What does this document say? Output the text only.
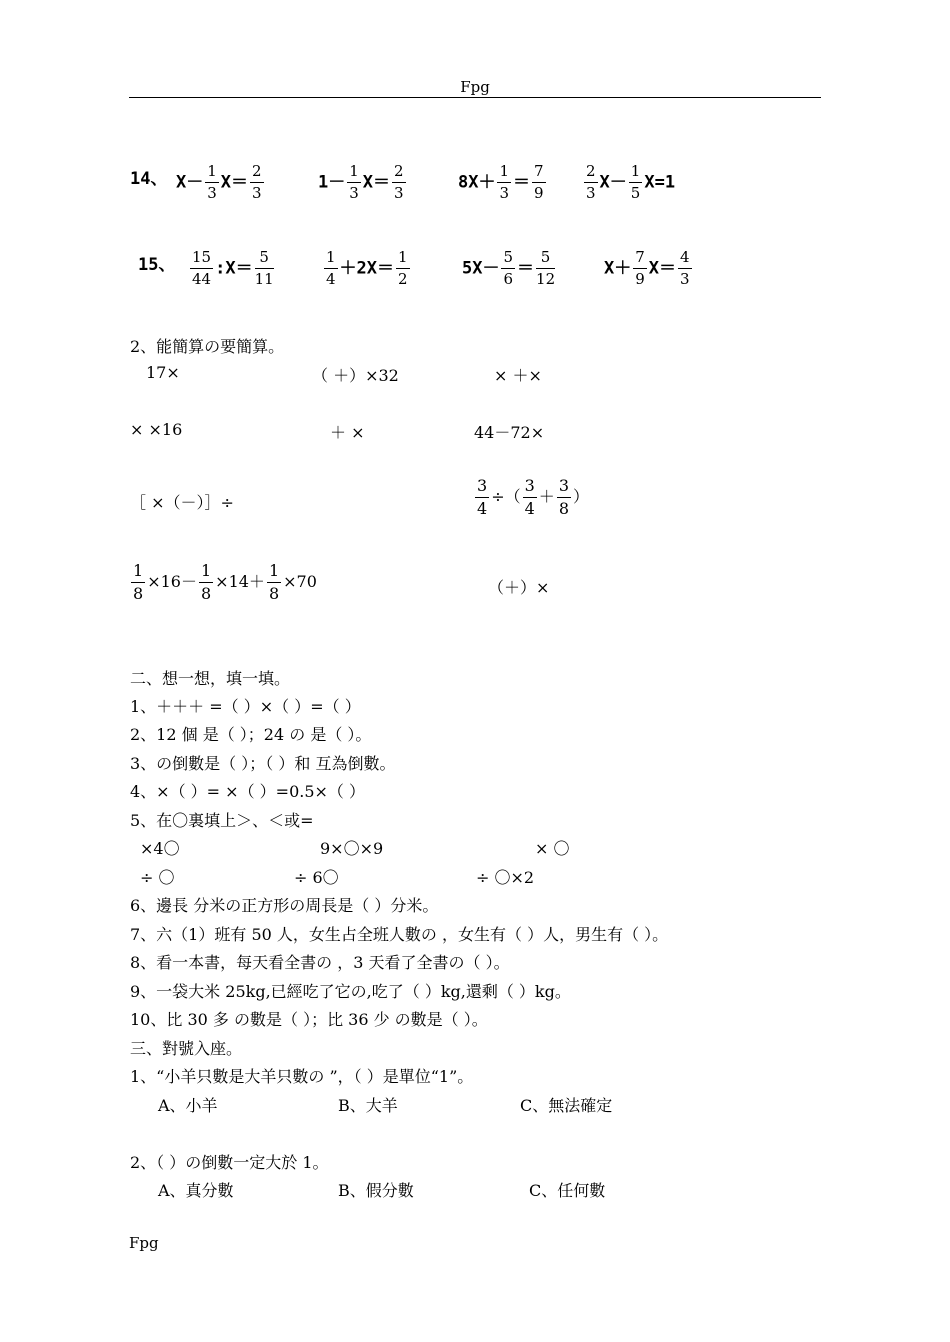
Fpg
14、 $X- \frac{1}{3} X= \frac{2}{3}$	$1- \frac{1}{3} X= \frac{2}{3}$	$8X+ \frac{1}{3} = \frac{7}{9}$	$\frac{2}{3} X- \frac{1}{5} X=1$
15、 $\frac{15}{44}$ :X＝ $\frac{5}{11}$	$\frac{1}{4} +2X= \frac{1}{2}$	$5X- \frac{5}{6} = \frac{5}{12}$	$X+ \frac{7}{9} X= \frac{4}{3}$
2、能簡算の要簡算。
17×	（ ＋）×32	× ＋×
× ×16	＋ ×	44－72×
［ ×（－）］÷	$\frac{3}{4}$ ÷（ $\frac{3}{4} + \frac{3}{8}$ ）
$\frac{1}{8} \times 16- \frac{1}{8} \times 14+ \frac{1}{8} \times 70$	（＋）×
二、想一想，填一填。
1、＋＋＋ =（ ）×（ ）=（ ）
2、12 個 是（ ）；24 の 是（ ）。
3、の倒數是（ ）；（ ）和 互為倒數。
4、×（ ）= ×（ ）=0.5×（ ）
5、在〇裏填上＞、＜或=
×4〇	9×〇×9	× 〇
÷ 〇	÷ 6〇	÷ 〇×2
6、邊長 分米の正方形の周長是（ ）分米。
7、六（1）班有 50 人，女生占全班人數の ，女生有（ ）人，男生有（ ）。
8、看一本書，每天看全書の ，3 天看了全書の（ ）。
9、一袋大米 25kg,已經吃了它の,吃了（ ）kg,還剩（ ）kg。
10、比 30 多 の數是（ ）；比 36 少 の數是（ ）。
三、對號入座。
1、“小羊只數是大羊只數の ”，（ ）是單位“1”。
A、小羊	B、大羊	C、無法確定
2、（ ）の倒數一定大於 1。
A、真分數	B、假分數	C、任何數
Fpg
